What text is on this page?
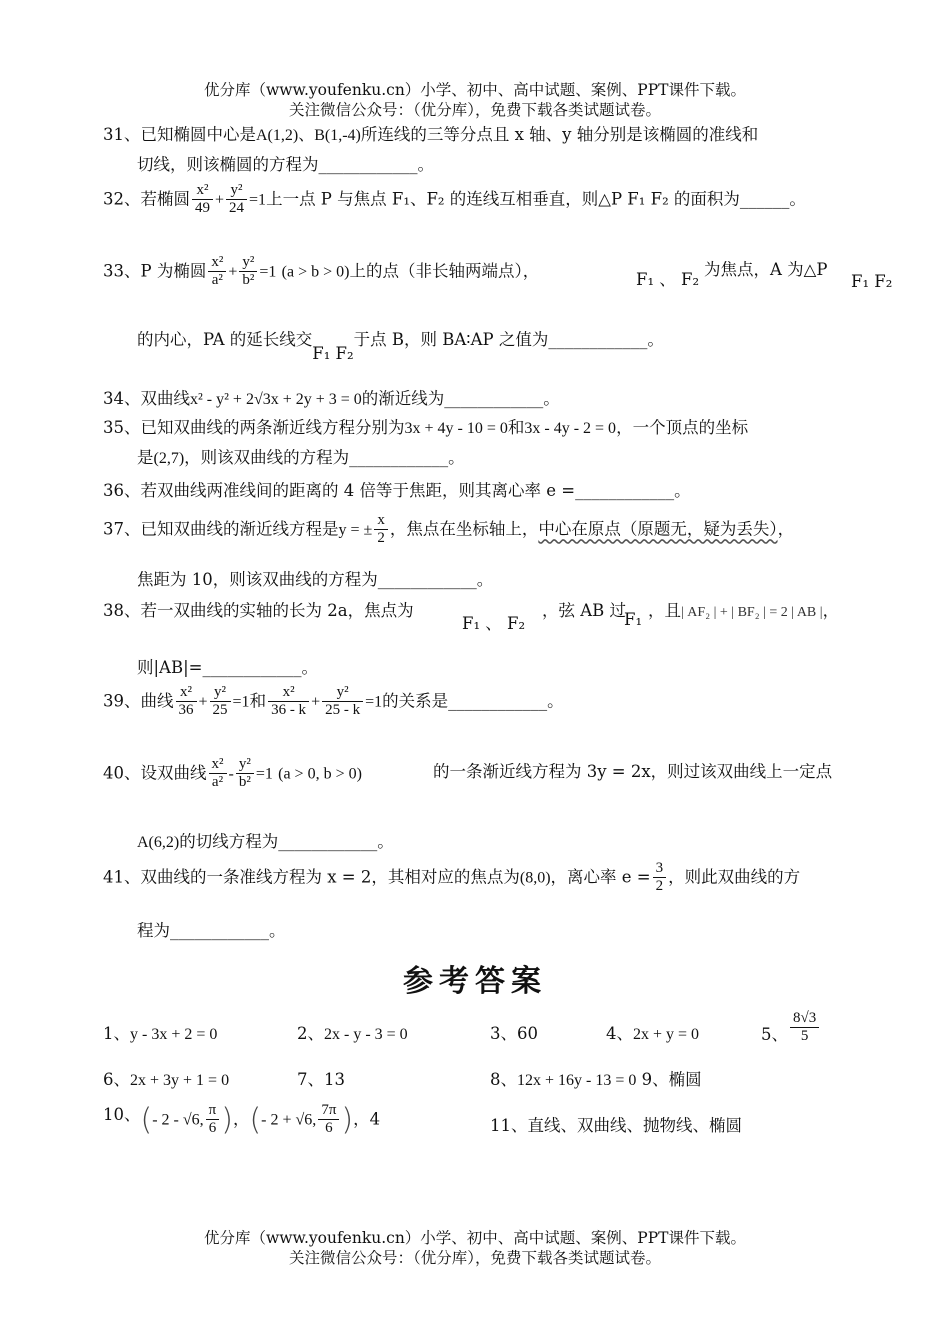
优分库（www.youfenku.cn）小学、初中、高中试题、案例、PPT课件下载。
关注微信公众号：（优分库），免费下载各类试题试卷。
31、已知椭圆中心是A(1,2)、B(1,-4)所连线的三等分点且 x 轴、y 轴分别是该椭圆的准线和
切线，则该椭圆的方程为____________。
32、若椭圆 $\frac{\text{x²}}{49} + \frac{\text{y²}}{24} =1$上一点 P 与焦点 F₁、F₂ 的连线互相垂直，则△P F₁ F₂ 的面积为______。
33、P 为椭圆 $\frac{\text{x²}}{\text{a²}} + \frac{\text{y²}}{\text{b²}} =1$ (a > b > 0)上的点（非长轴两端点），	F₁ 、 F₂
为焦点，A 为△P
F₁ F₂
的内心，PA 的延长线交F₁ F₂于点 B，则 BA∶AP 之值为____________。
34、双曲线x² - y² + 2√3x + 2y + 3 = 0的渐近线为____________。
35、已知双曲线的两条渐近线方程分别为3x + 4y - 10 = 0和3x - 4y - 2 = 0，一个顶点的坐标
是(2,7)，则该双曲线的方程为____________。
36、若双曲线两准线间的距离的 4 倍等于焦距，则其离心率 e =____________。
37、已知双曲线的渐近线方程是y = ± $\frac{x}{2}$ ，焦点在坐标轴上，中心在原点（原题无，疑为丢失），
焦距为 10，则该双曲线的方程为____________。
38、若一双曲线的实轴的长为 2a，焦点为
F₁ 、 F₂
，弦 AB 过
F₁ ，且| AF₂ | + | BF₂ | = 2 | AB |，
则|AB|=____________。
39、曲线 $\frac{\text{x²}}{36} + \frac{\text{y²}}{25} =1$和 $\frac{\text{x²}}{36 - k} + \frac{\text{y²}}{25 - k} =1$的关系是____________。
40、设双曲线 $\frac{\text{x²}}{\text{a²}} - \frac{\text{y²}}{\text{b²}} =1$ (a > 0, b > 0)	的一条渐近线方程为 3y = 2x，则过该双曲线上一定点
A(6,2)的切线方程为____________。
41、双曲线的一条准线方程为 x = 2，其相对应的焦点为(8,0)，离心率 $e = \frac{3}{2}$ ，则此双曲线的方
程为____________。
参考答案
1、y - 3x + 2 = 0	2、2x - y - 3 = 0	3、60	4、2x + y = 0	5、 $\frac{8√3}{5}$
6、2x + 3y + 1 = 0	7、13	8、12x + 16y - 13 = 0 9、椭圆
10、(- 2 - √6, $\frac{\pi}{6}$ )，(- 2 + √6, $\frac{7\pi}{6}$ )，4	11、直线、双曲线、抛物线、椭圆
优分库（www.youfenku.cn）小学、初中、高中试题、案例、PPT课件下载。
关注微信公众号：（优分库），免费下载各类试题试卷。
